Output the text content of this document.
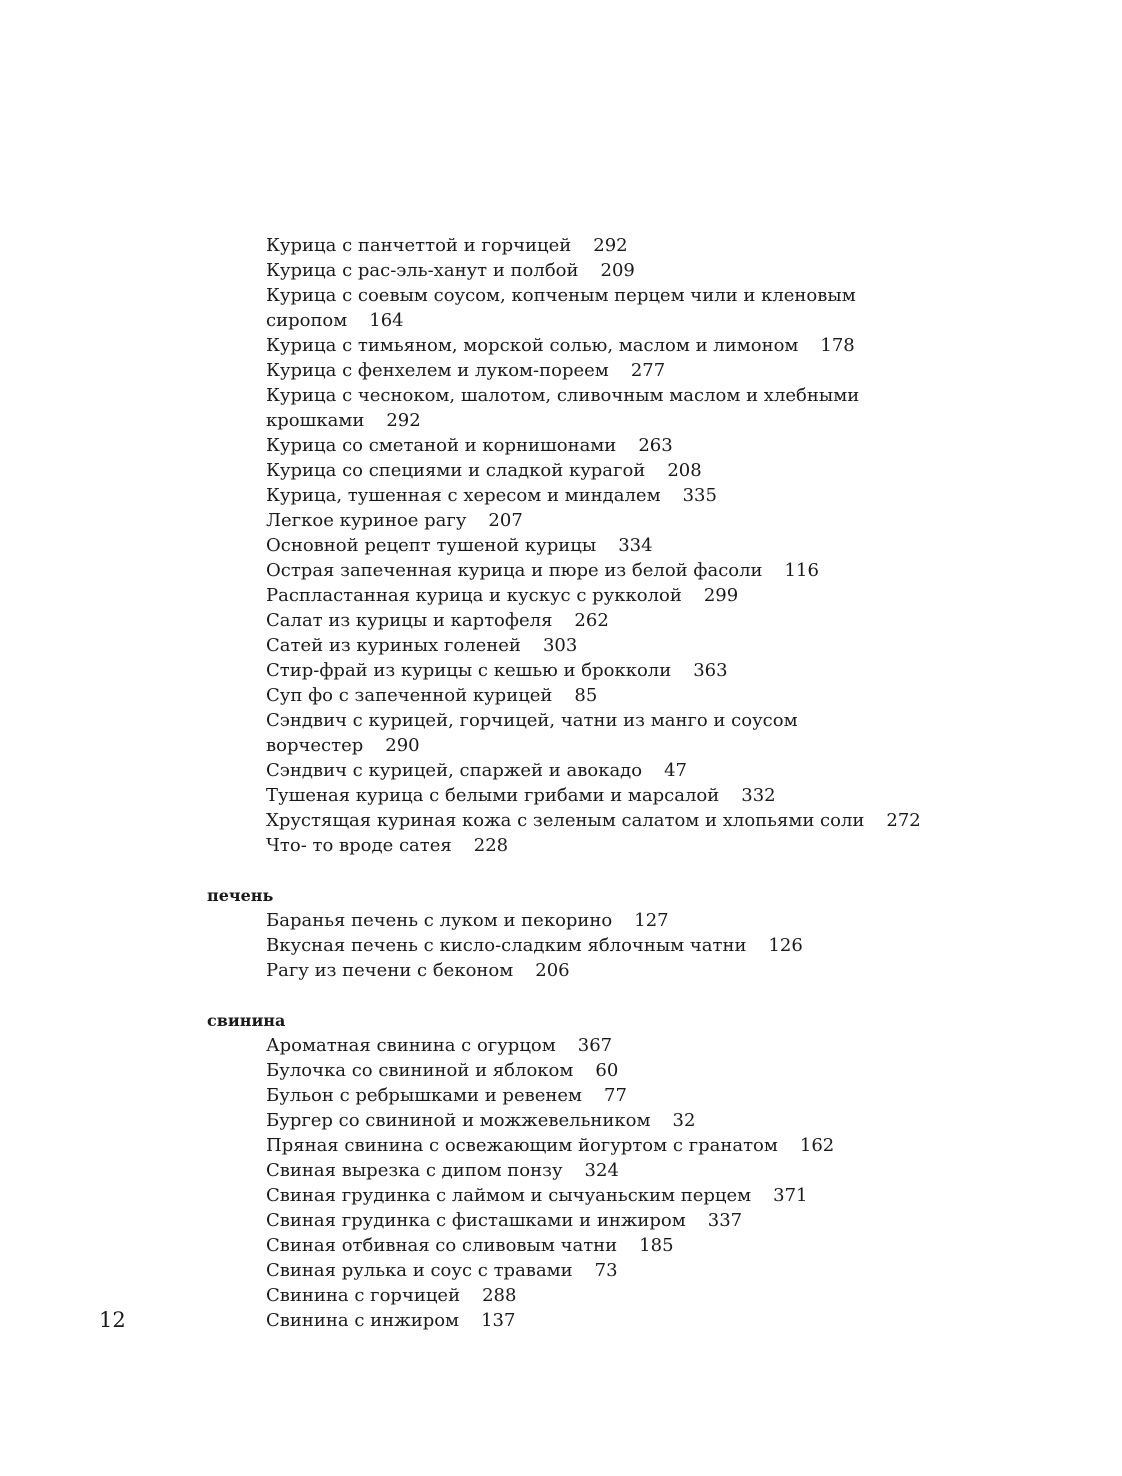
Курица с панчеттой и горчицей 292
Курица с рас-эль-ханут и полбой 209
Курица с соевым соусом, копченым перцем чили и кленовым
сиропом 164
Курица с тимьяном, морской солью, маслом и лимоном 178
Курица с фенхелем и луком-пореем 277
Курица с чесноком, шалотом, сливочным маслом и хлебными
крошками 292
Курица со сметаной и корнишонами 263
Курица со специями и сладкой курагой 208
Курица, тушенная с хересом и миндалем 335
Легкое куриное рагу 207
Основной рецепт тушеной курицы 334
Острая запеченная курица и пюре из белой фасоли 116
Распластанная курица и кускус с рукколой 299
Салат из курицы и картофеля 262
Сатей из куриных голеней 303
Стир-фрай из курицы с кешью и брокколи 363
Суп фо с запеченной курицей 85
Сэндвич с курицей, горчицей, чатни из манго и соусом
ворчестер 290
Сэндвич с курицей, спаржей и авокадо 47
Тушеная курица с белыми грибами и марсалой 332
Хрустящая куриная кожа с зеленым салатом и хлопьями соли 272
Что- то вроде сатея 228
печень
Баранья печень с луком и пекорино 127
Вкусная печень с кисло-сладким яблочным чатни 126
Рагу из печени с беконом 206
свинина
Ароматная свинина с огурцом 367
Булочка со свининой и яблоком 60
Бульон с ребрышками и ревенем 77
Бургер со свининой и можжевельником 32
Пряная свинина с освежающим йогуртом с гранатом 162
Свиная вырезка с дипом понзу 324
Свиная грудинка с лаймом и сычуаньским перцем 371
Свиная грудинка с фисташками и инжиром 337
Свиная отбивная со сливовым чатни 185
Свиная рулька и соус с травами 73
Свинина с горчицей 288
Свинина с инжиром 137
12
